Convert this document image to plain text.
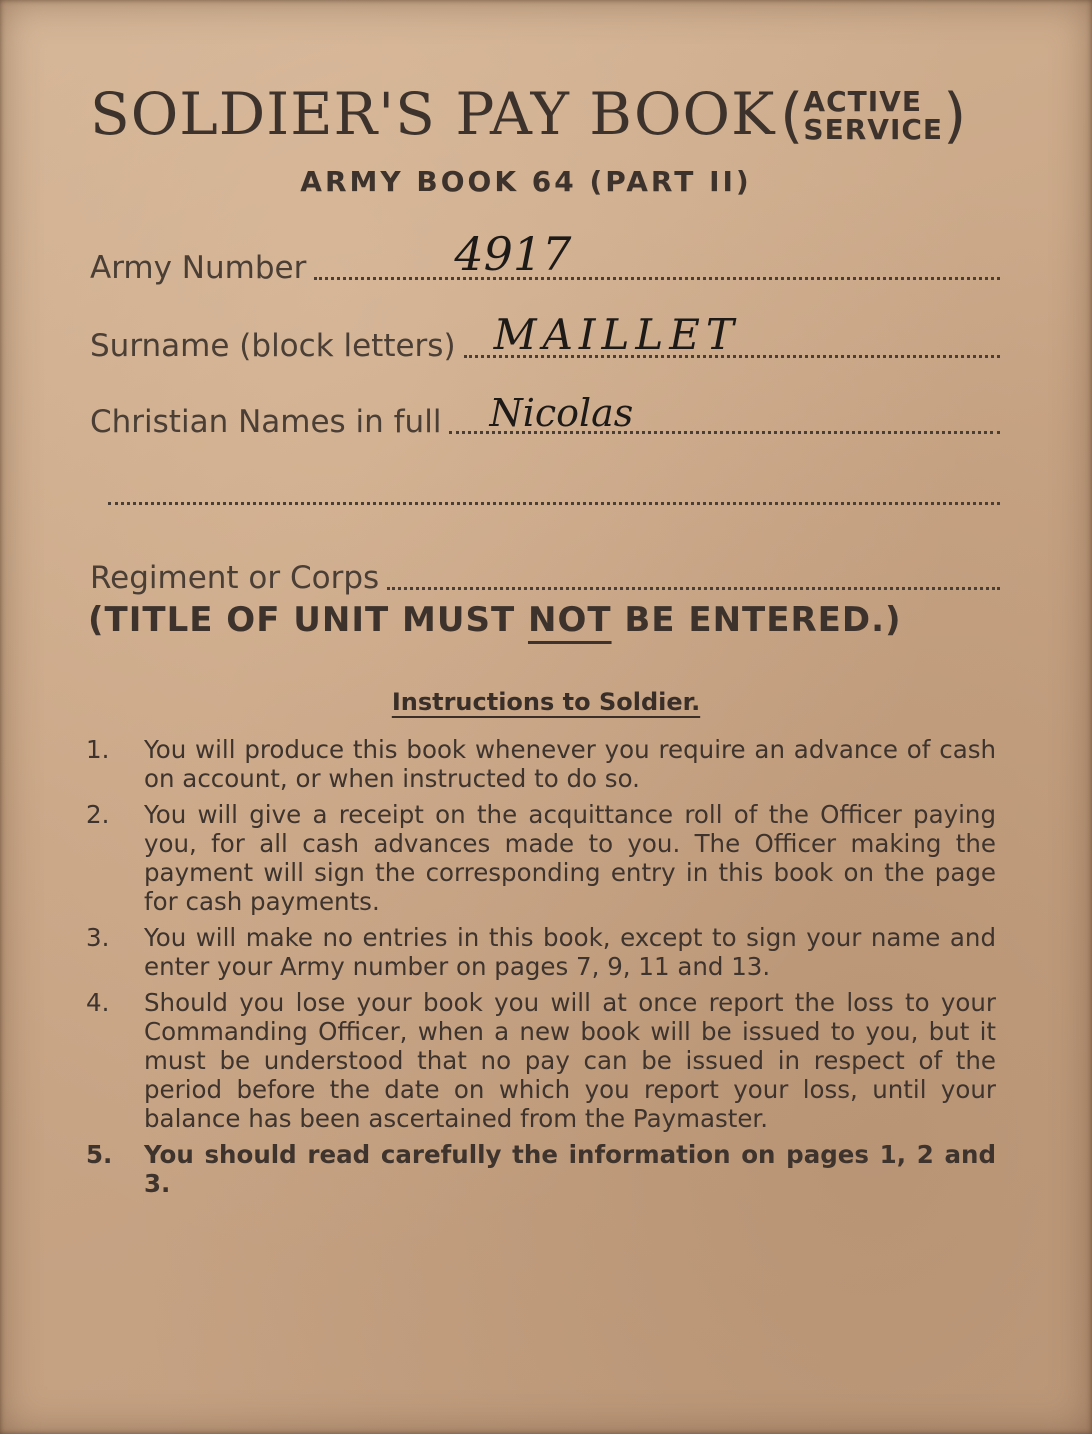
SOLDIER'S PAY BOOK ( ACTIVE
SERVICE )
ARMY BOOK 64 (PART II)
Army Number	4917
Surname (block letters) MAILLET
Christian Names in full Nicolas
Regiment or Corps
(TITLE OF UNIT MUST NOT BE ENTERED.)
Instructions to Soldier.
1.	You will produce this book whenever you require an advance of cash on account, or when instructed to do so.
2.	You will give a receipt on the acquittance roll of the Officer paying you, for all cash advances made to you. The Officer making the payment will sign the corresponding entry in this book on the page for cash payments.
3.	You will make no entries in this book, except to sign your name and enter your Army number on pages 7, 9, 11 and 13.
4.	Should you lose your book you will at once report the loss to your Commanding Officer, when a new book will be issued to you, but it must be understood that no pay can be issued in respect of the period before the date on which you report your loss, until your balance has been ascertained from the Paymaster.
5.	You should read carefully the information on pages 1, 2 and 3.
